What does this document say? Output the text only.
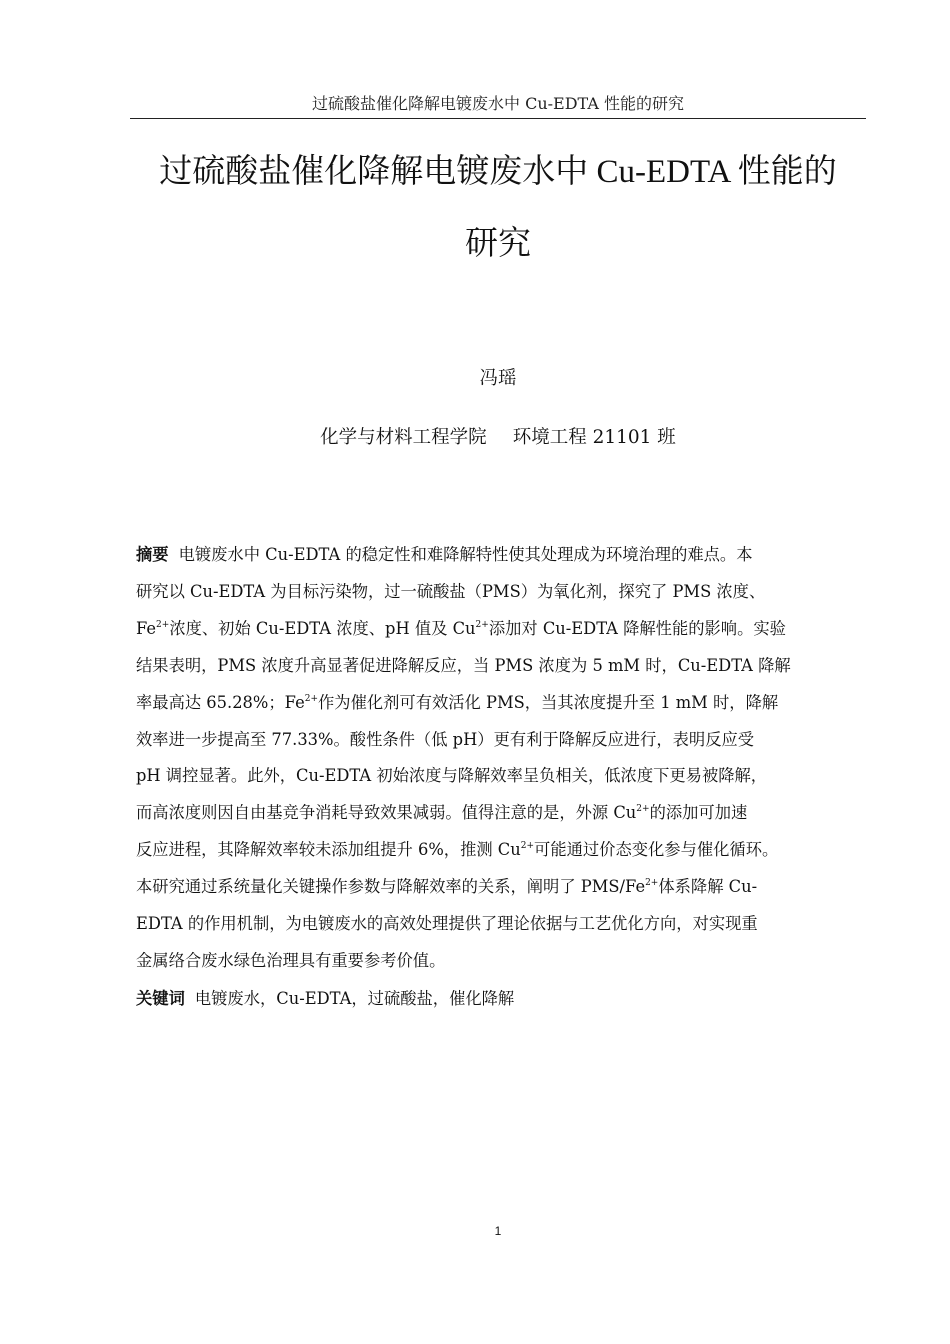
过硫酸盐催化降解电镀废水中 Cu-EDTA 性能的研究
过硫酸盐催化降解电镀废水中 Cu-EDTA 性能的
研究
冯瑶
化学与材料工程学院 环境工程 21101 班
摘要 电镀废水中 Cu-EDTA 的稳定性和难降解特性使其处理成为环境治理的难点。本
研究以 Cu-EDTA 为目标污染物，过一硫酸盐（PMS）为氧化剂，探究了 PMS 浓度、
$Fe^{2+}$浓度、初始 Cu-EDTA 浓度、pH 值及 $Cu^{2+}$添加对 Cu-EDTA 降解性能的影响。实验
结果表明，PMS 浓度升高显著促进降解反应，当 PMS 浓度为 5 mM 时，Cu-EDTA 降解
率最高达 65.28%；$Fe^{2+}$作为催化剂可有效活化 PMS，当其浓度提升至 1 mM 时，降解
效率进一步提高至 77.33%。酸性条件（低 pH）更有利于降解反应进行，表明反应受
pH 调控显著。此外，Cu-EDTA 初始浓度与降解效率呈负相关，低浓度下更易被降解，
而高浓度则因自由基竞争消耗导致效果减弱。值得注意的是，外源 $Cu^{2+}$的添加可加速
反应进程，其降解效率较未添加组提升 6%，推测 $Cu^{2+}$可能通过价态变化参与催化循环。
本研究通过系统量化关键操作参数与降解效率的关系，阐明了 PMS/$Fe^{2+}$体系降解 Cu-
EDTA 的作用机制，为电镀废水的高效处理提供了理论依据与工艺优化方向，对实现重
金属络合废水绿色治理具有重要参考价值。
关键词 电镀废水，Cu-EDTA，过硫酸盐，催化降解
1
